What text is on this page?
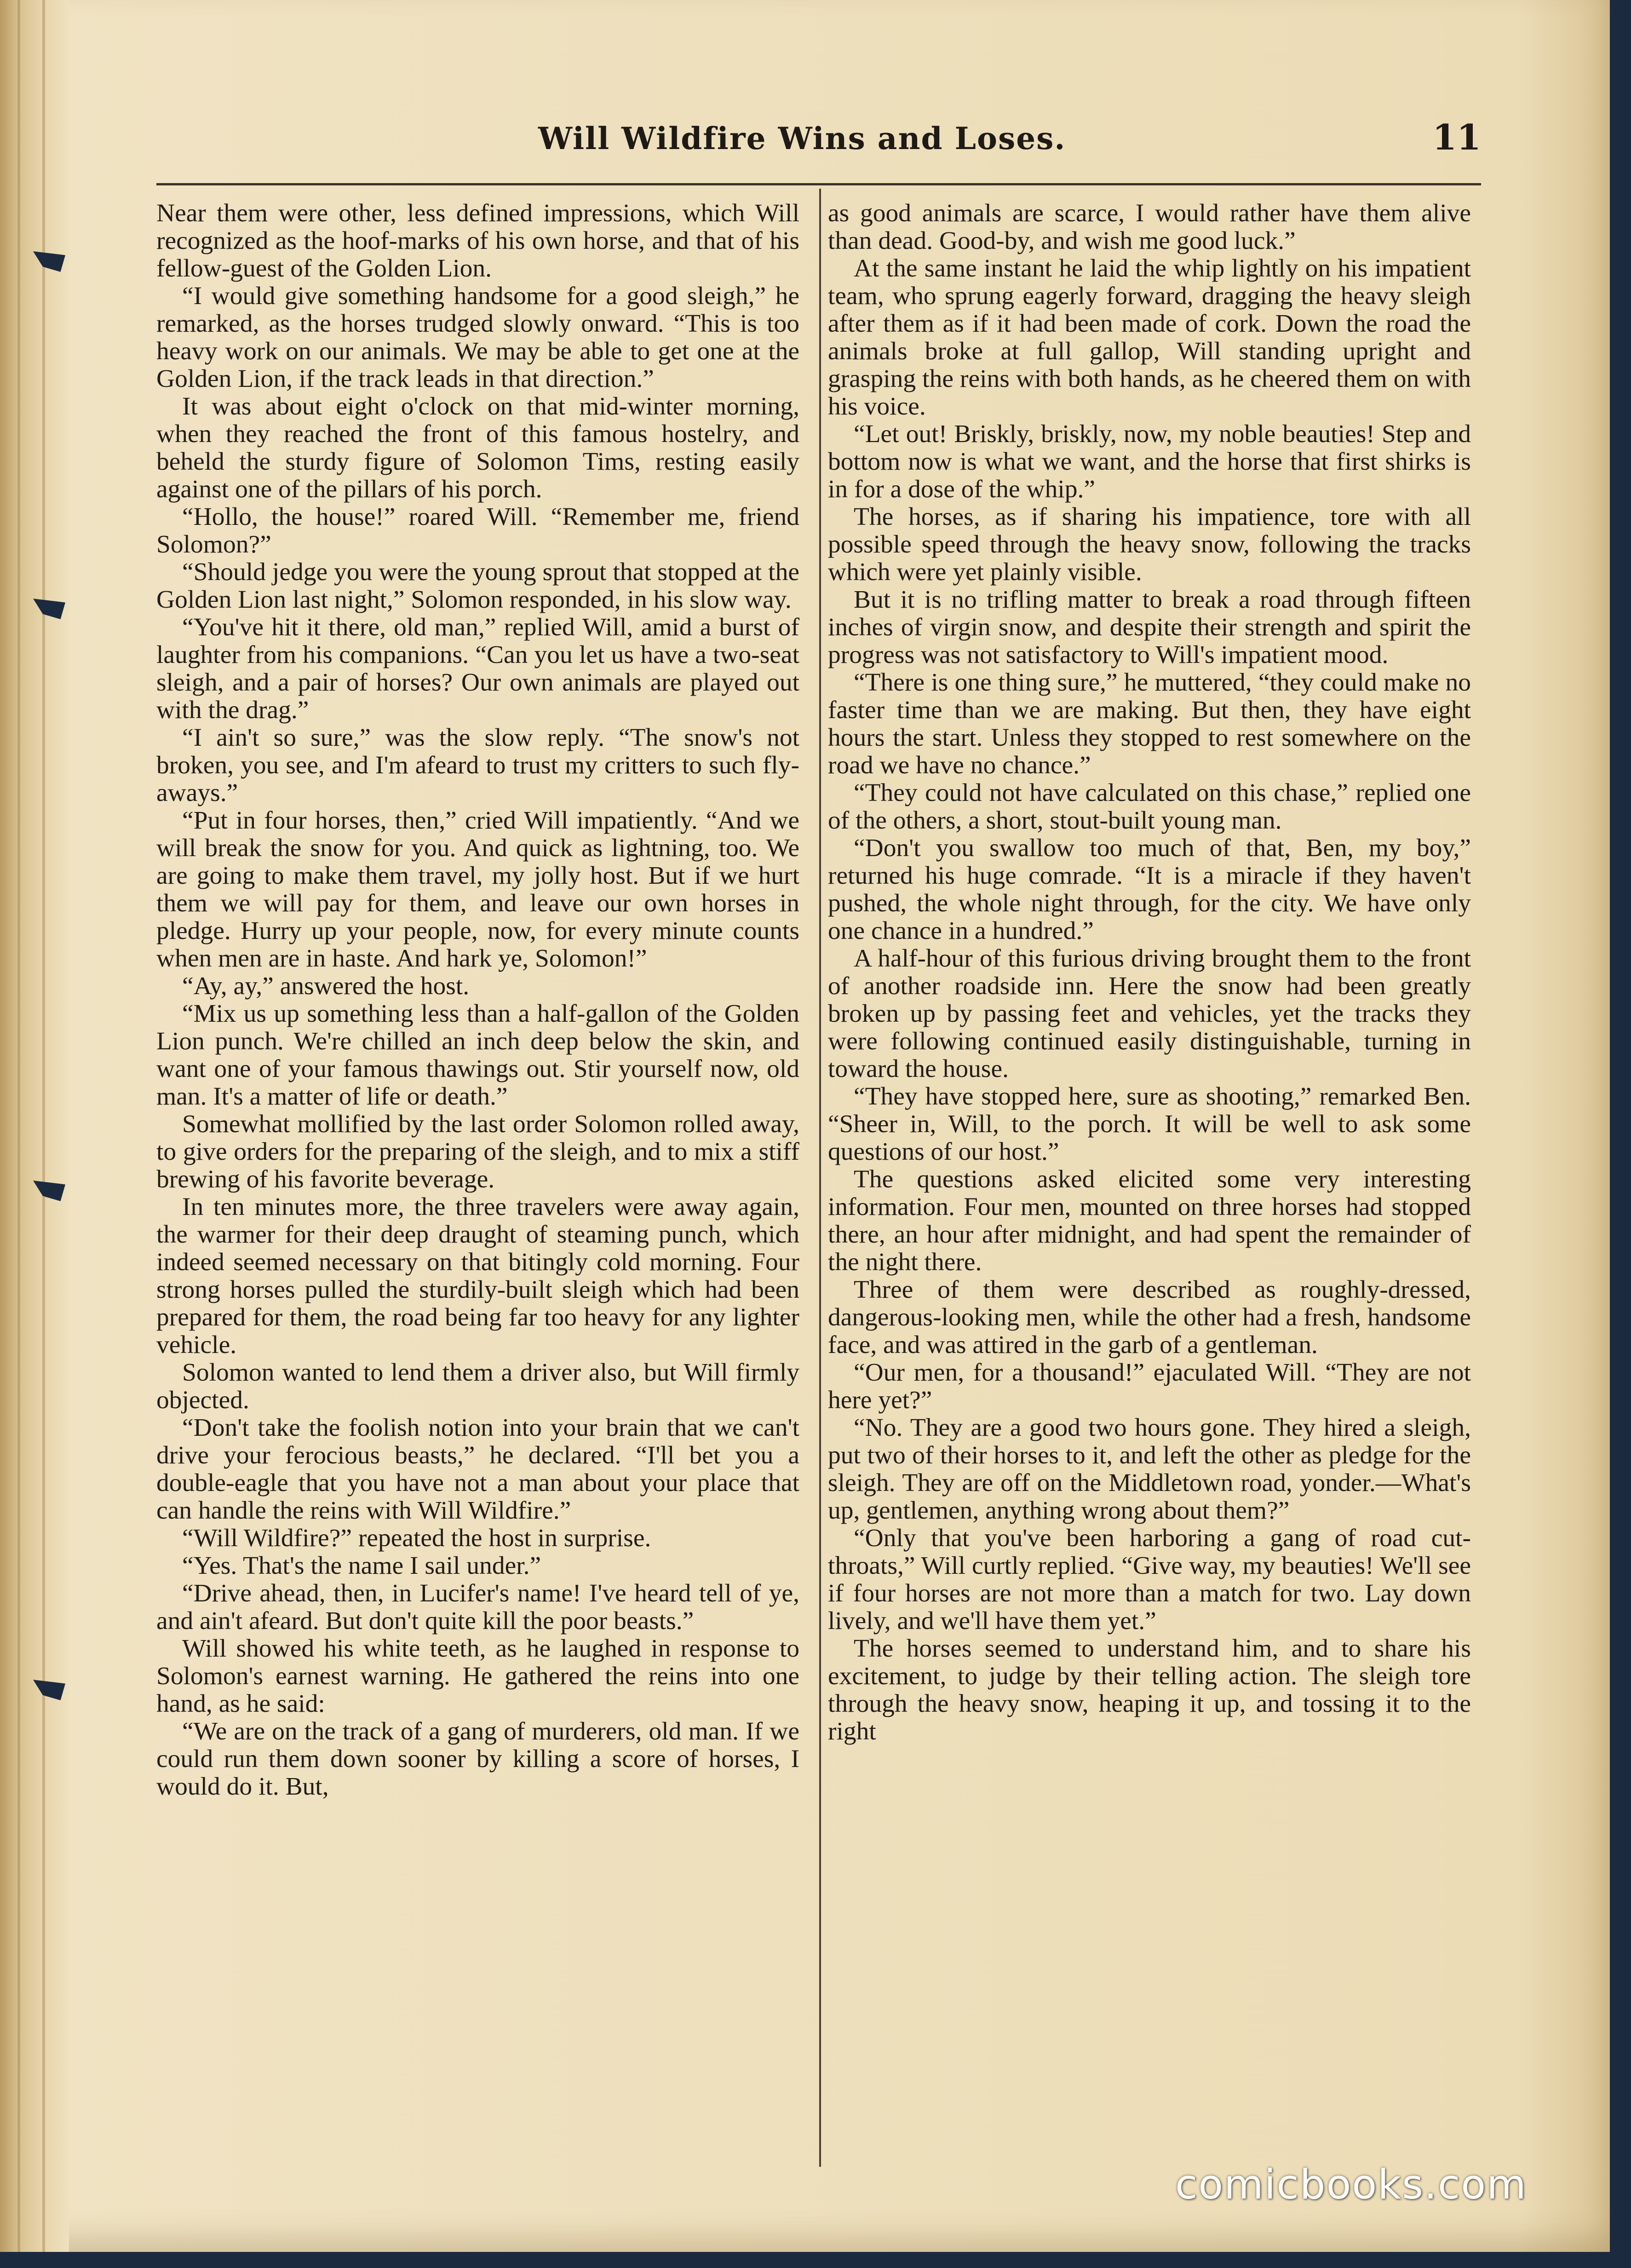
Will Wildfire Wins and Loses.	11

Near them were other, less defined impressions, which Will recognized as the hoof-marks of his own horse, and that of his fellow-guest of the Golden Lion.

“I would give something handsome for a good sleigh,” he remarked, as the horses trudged slowly onward. “This is too heavy work on our animals. We may be able to get one at the Golden Lion, if the track leads in that direction.”

It was about eight o'clock on that mid-winter morning, when they reached the front of this famous hostelry, and beheld the sturdy figure of Solomon Tims, resting easily against one of the pillars of his porch.

“Hollo, the house!” roared Will. “Remember me, friend Solomon?”

“Should jedge you were the young sprout that stopped at the Golden Lion last night,” Solomon responded, in his slow way.

“You've hit it there, old man,” replied Will, amid a burst of laughter from his companions. “Can you let us have a two-seat sleigh, and a pair of horses? Our own animals are played out with the drag.”

“I ain't so sure,” was the slow reply. “The snow's not broken, you see, and I'm afeard to trust my critters to such fly-aways.”

“Put in four horses, then,” cried Will impatiently. “And we will break the snow for you. And quick as lightning, too. We are going to make them travel, my jolly host. But if we hurt them we will pay for them, and leave our own horses in pledge. Hurry up your people, now, for every minute counts when men are in haste. And hark ye, Solomon!”

“Ay, ay,” answered the host.

“Mix us up something less than a half-gallon of the Golden Lion punch. We're chilled an inch deep below the skin, and want one of your famous thawings out. Stir yourself now, old man. It's a matter of life or death.”

Somewhat mollified by the last order Solomon rolled away, to give orders for the preparing of the sleigh, and to mix a stiff brewing of his favorite beverage.

In ten minutes more, the three travelers were away again, the warmer for their deep draught of steaming punch, which indeed seemed necessary on that bitingly cold morning. Four strong horses pulled the sturdily-built sleigh which had been prepared for them, the road being far too heavy for any lighter vehicle.

Solomon wanted to lend them a driver also, but Will firmly objected.

“Don't take the foolish notion into your brain that we can't drive your ferocious beasts,” he declared. “I'll bet you a double-eagle that you have not a man about your place that can handle the reins with Will Wildfire.”

“Will Wildfire?” repeated the host in surprise.

“Yes. That's the name I sail under.”

“Drive ahead, then, in Lucifer's name! I've heard tell of ye, and ain't afeard. But don't quite kill the poor beasts.”

Will showed his white teeth, as he laughed in response to Solomon's earnest warning. He gathered the reins into one hand, as he said:

“We are on the track of a gang of murderers, old man. If we could run them down sooner by killing a score of horses, I would do it. But,

as good animals are scarce, I would rather have them alive than dead. Good-by, and wish me good luck.”

At the same instant he laid the whip lightly on his impatient team, who sprung eagerly forward, dragging the heavy sleigh after them as if it had been made of cork. Down the road the animals broke at full gallop, Will standing upright and grasping the reins with both hands, as he cheered them on with his voice.

“Let out! Briskly, briskly, now, my noble beauties! Step and bottom now is what we want, and the horse that first shirks is in for a dose of the whip.”

The horses, as if sharing his impatience, tore with all possible speed through the heavy snow, following the tracks which were yet plainly visible.

But it is no trifling matter to break a road through fifteen inches of virgin snow, and despite their strength and spirit the progress was not satisfactory to Will's impatient mood.

“There is one thing sure,” he muttered, “they could make no faster time than we are making. But then, they have eight hours the start. Unless they stopped to rest somewhere on the road we have no chance.”

“They could not have calculated on this chase,” replied one of the others, a short, stout-built young man.

“Don't you swallow too much of that, Ben, my boy,” returned his huge comrade. “It is a miracle if they haven't pushed, the whole night through, for the city. We have only one chance in a hundred.”

A half-hour of this furious driving brought them to the front of another roadside inn. Here the snow had been greatly broken up by passing feet and vehicles, yet the tracks they were following continued easily distinguishable, turning in toward the house.

“They have stopped here, sure as shooting,” remarked Ben. “Sheer in, Will, to the porch. It will be well to ask some questions of our host.”

The questions asked elicited some very interesting information. Four men, mounted on three horses had stopped there, an hour after midnight, and had spent the remainder of the night there.

Three of them were described as roughly-dressed, dangerous-looking men, while the other had a fresh, handsome face, and was attired in the garb of a gentleman.

“Our men, for a thousand!” ejaculated Will. “They are not here yet?”

“No. They are a good two hours gone. They hired a sleigh, put two of their horses to it, and left the other as pledge for the sleigh. They are off on the Middletown road, yonder.—What's up, gentlemen, anything wrong about them?”

“Only that you've been harboring a gang of road cut-throats,” Will curtly replied. “Give way, my beauties! We'll see if four horses are not more than a match for two. Lay down lively, and we'll have them yet.”

The horses seemed to understand him, and to share his excitement, to judge by their telling action. The sleigh tore through the heavy snow, heaping it up, and tossing it to the right

comicbooks.com
